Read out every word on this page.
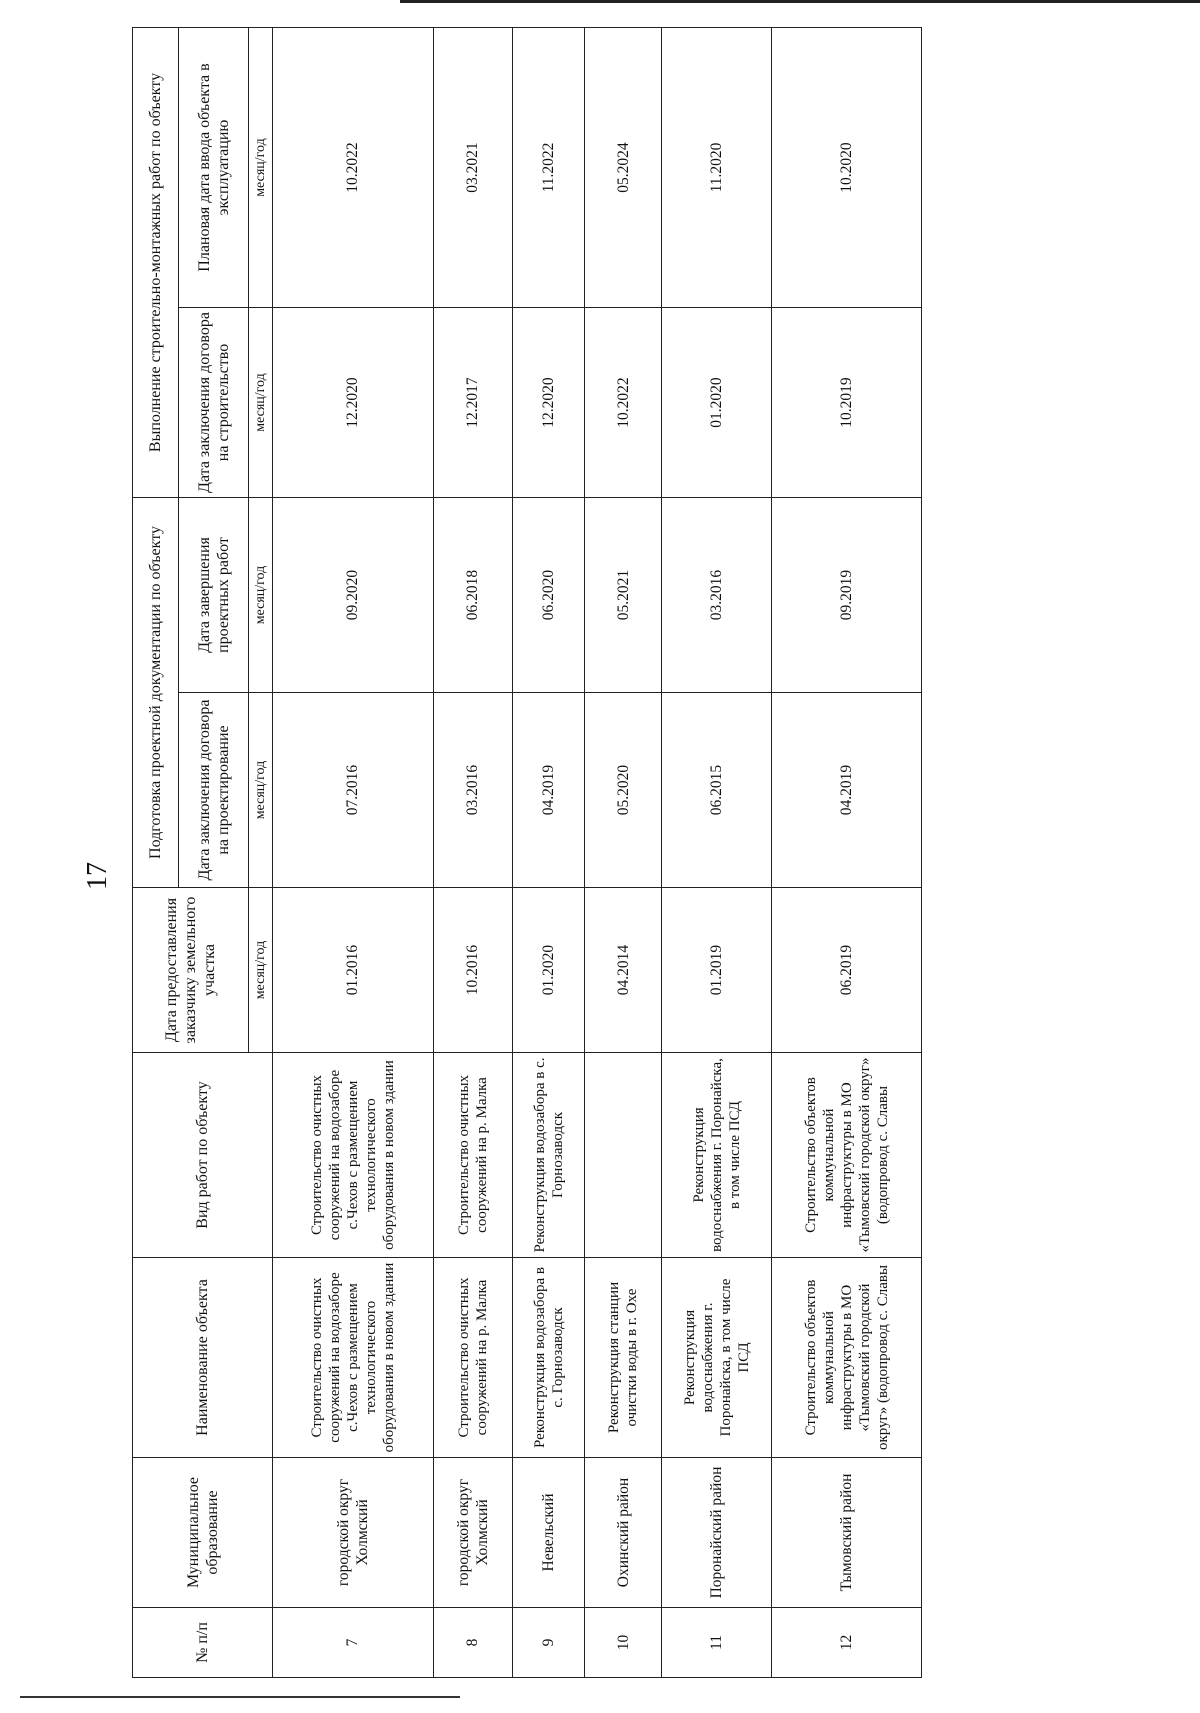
17
№ п/п	Муниципальное образование	Наименование объекта	Вид работ по объекту	Дата предоставления заказчику земельного участка	Подготовка проектной документации по объекту		Выполнение строительно-монтажных работ по объекту	
					Дата заключения договора на проектирование	Дата завершения проектных работ	Дата заключения договора на строительство	Плановая дата ввода объекта в эксплуатацию
				месяц/год	месяц/год	месяц/год	месяц/год	месяц/год
7	городской округ Холмский	Строительство очистных сооружений на водозаборе с.Чехов с размещением технологического оборудования в новом здании	Строительство очистных сооружений на водозаборе с.Чехов с размещением технологического оборудования в новом здании	01.2016	07.2016	09.2020	12.2020	10.2022
8	городской округ Холмский	Строительство очистных сооружений на р. Малка	Строительство очистных сооружений на р. Малка	10.2016	03.2016	06.2018	12.2017	03.2021
9	Невельский	Реконструкция водозабора в с. Горнозаводск	Реконструкция водозабора в с. Горнозаводск	01.2020	04.2019	06.2020	12.2020	11.2022
10	Охинский район	Реконструкция станции очистки воды в г. Охе		04.2014	05.2020	05.2021	10.2022	05.2024
11	Поронайский район	Реконструкция водоснабжения г. Поронайска, в том числе ПСД	Реконструкция водоснабжения г. Поронайска, в том числе ПСД	01.2019	06.2015	03.2016	01.2020	11.2020
12	Тымовский район	Строительство объектов коммунальной инфраструктуры в МО «Тымовский городской округ» (водопровод с. Славы	Строительство объектов коммунальной инфраструктуры в МО «Тымовский городской округ» (водопровод с. Славы	06.2019	04.2019	09.2019	10.2019	10.2020
